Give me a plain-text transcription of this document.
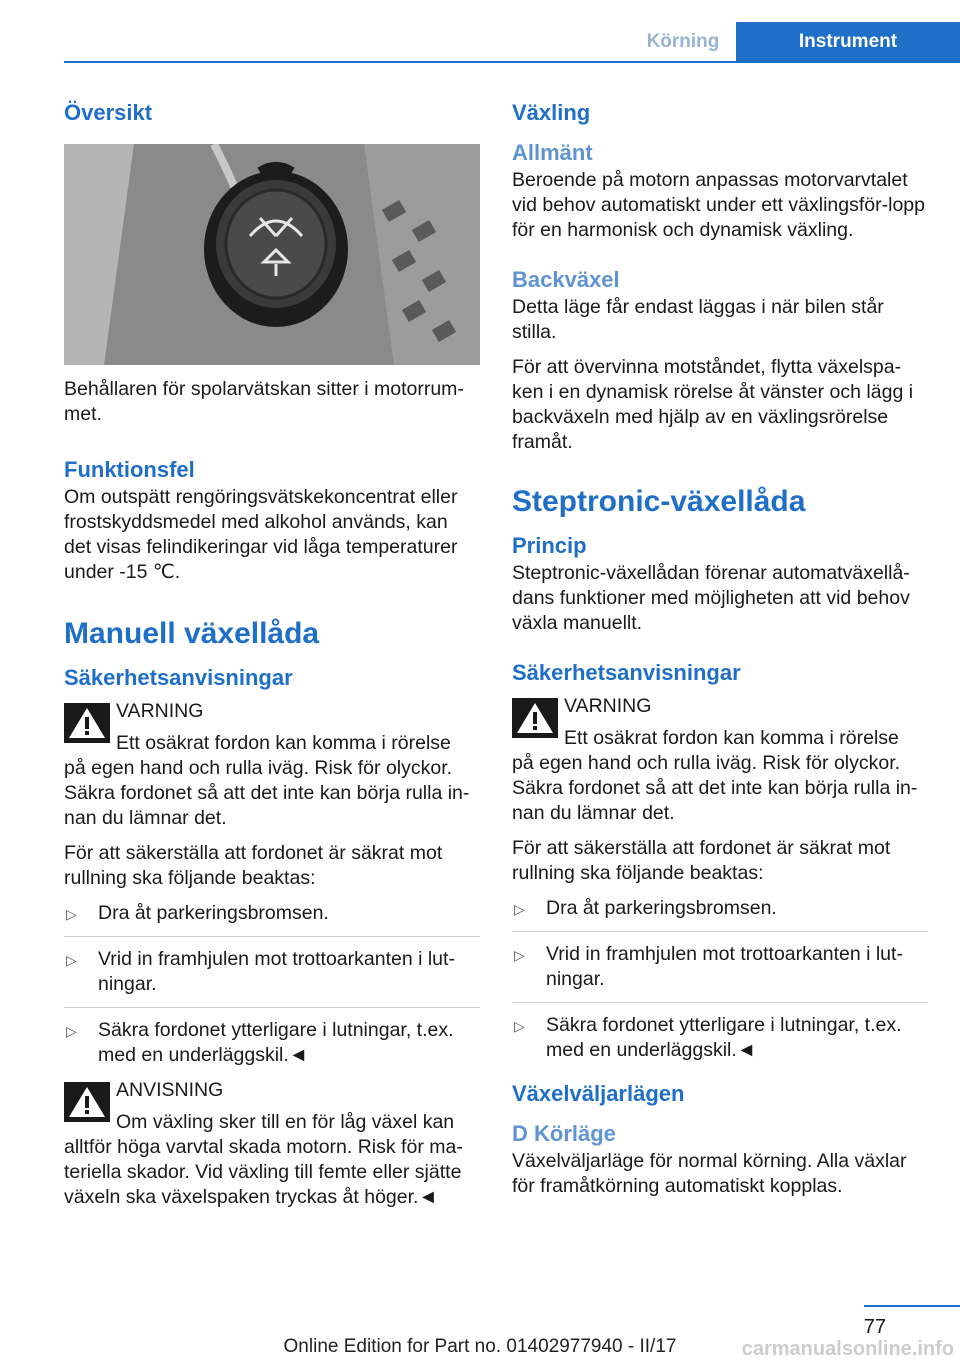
Körning	Instrument
Översikt

Behållaren för spolarvätskan sitter i motorrum-met.

Funktionsfel

Om outspätt rengöringsvätskekoncentrat eller frostskyddsmedel med alkohol används, kan det visas felindikeringar vid låga temperaturer under -15 ℃.

Manuell växellåda
Säkerhetsanvisningar
VARNING
Ett osäkrat fordon kan komma i rörelse
på egen hand och rulla iväg. Risk för olyckor. Säkra fordonet så att det inte kan börja rulla in-nan du lämnar det.

För att säkerställa att fordonet är säkrat mot rullning ska följande beaktas:

▷ Dra åt parkeringsbromsen.
▷ Vrid in framhjulen mot trottoarkanten i lut-ningar.
▷ Säkra fordonet ytterligare i lutningar, t.ex. med en underläggskil.◄
ANVISNING
Om växling sker till en för låg växel kan
alltför höga varvtal skada motorn. Risk för ma-teriella skador. Vid växling till femte eller sjätte växeln ska växelspaken tryckas åt höger.◄
Växling
Allmänt

Beroende på motorn anpassas motorvarvtalet vid behov automatiskt under ett växlingsför-lopp för en harmonisk och dynamisk växling.

Backväxel

Detta läge får endast läggas i när bilen står stilla.

För att övervinna motståndet, flytta växelspa-ken i en dynamisk rörelse åt vänster och lägg i backväxeln med hjälp av en växlingsrörelse framåt.

Steptronic-växellåda
Princip

Steptronic-växellådan förenar automatväxellå-dans funktioner med möjligheten att vid behov växla manuellt.

Säkerhetsanvisningar
VARNING
Ett osäkrat fordon kan komma i rörelse
på egen hand och rulla iväg. Risk för olyckor. Säkra fordonet så att det inte kan börja rulla in-nan du lämnar det.

För att säkerställa att fordonet är säkrat mot rullning ska följande beaktas:

▷ Dra åt parkeringsbromsen.
▷ Vrid in framhjulen mot trottoarkanten i lut-ningar.
▷ Säkra fordonet ytterligare i lutningar, t.ex. med en underläggskil.◄
Växelväljarlägen
D Körläge

Växelväljarläge för normal körning. Alla växlar för framåtkörning automatiskt kopplas.

77
Online Edition for Part no. 01402977940 - II/17	carmanualsonline.info
